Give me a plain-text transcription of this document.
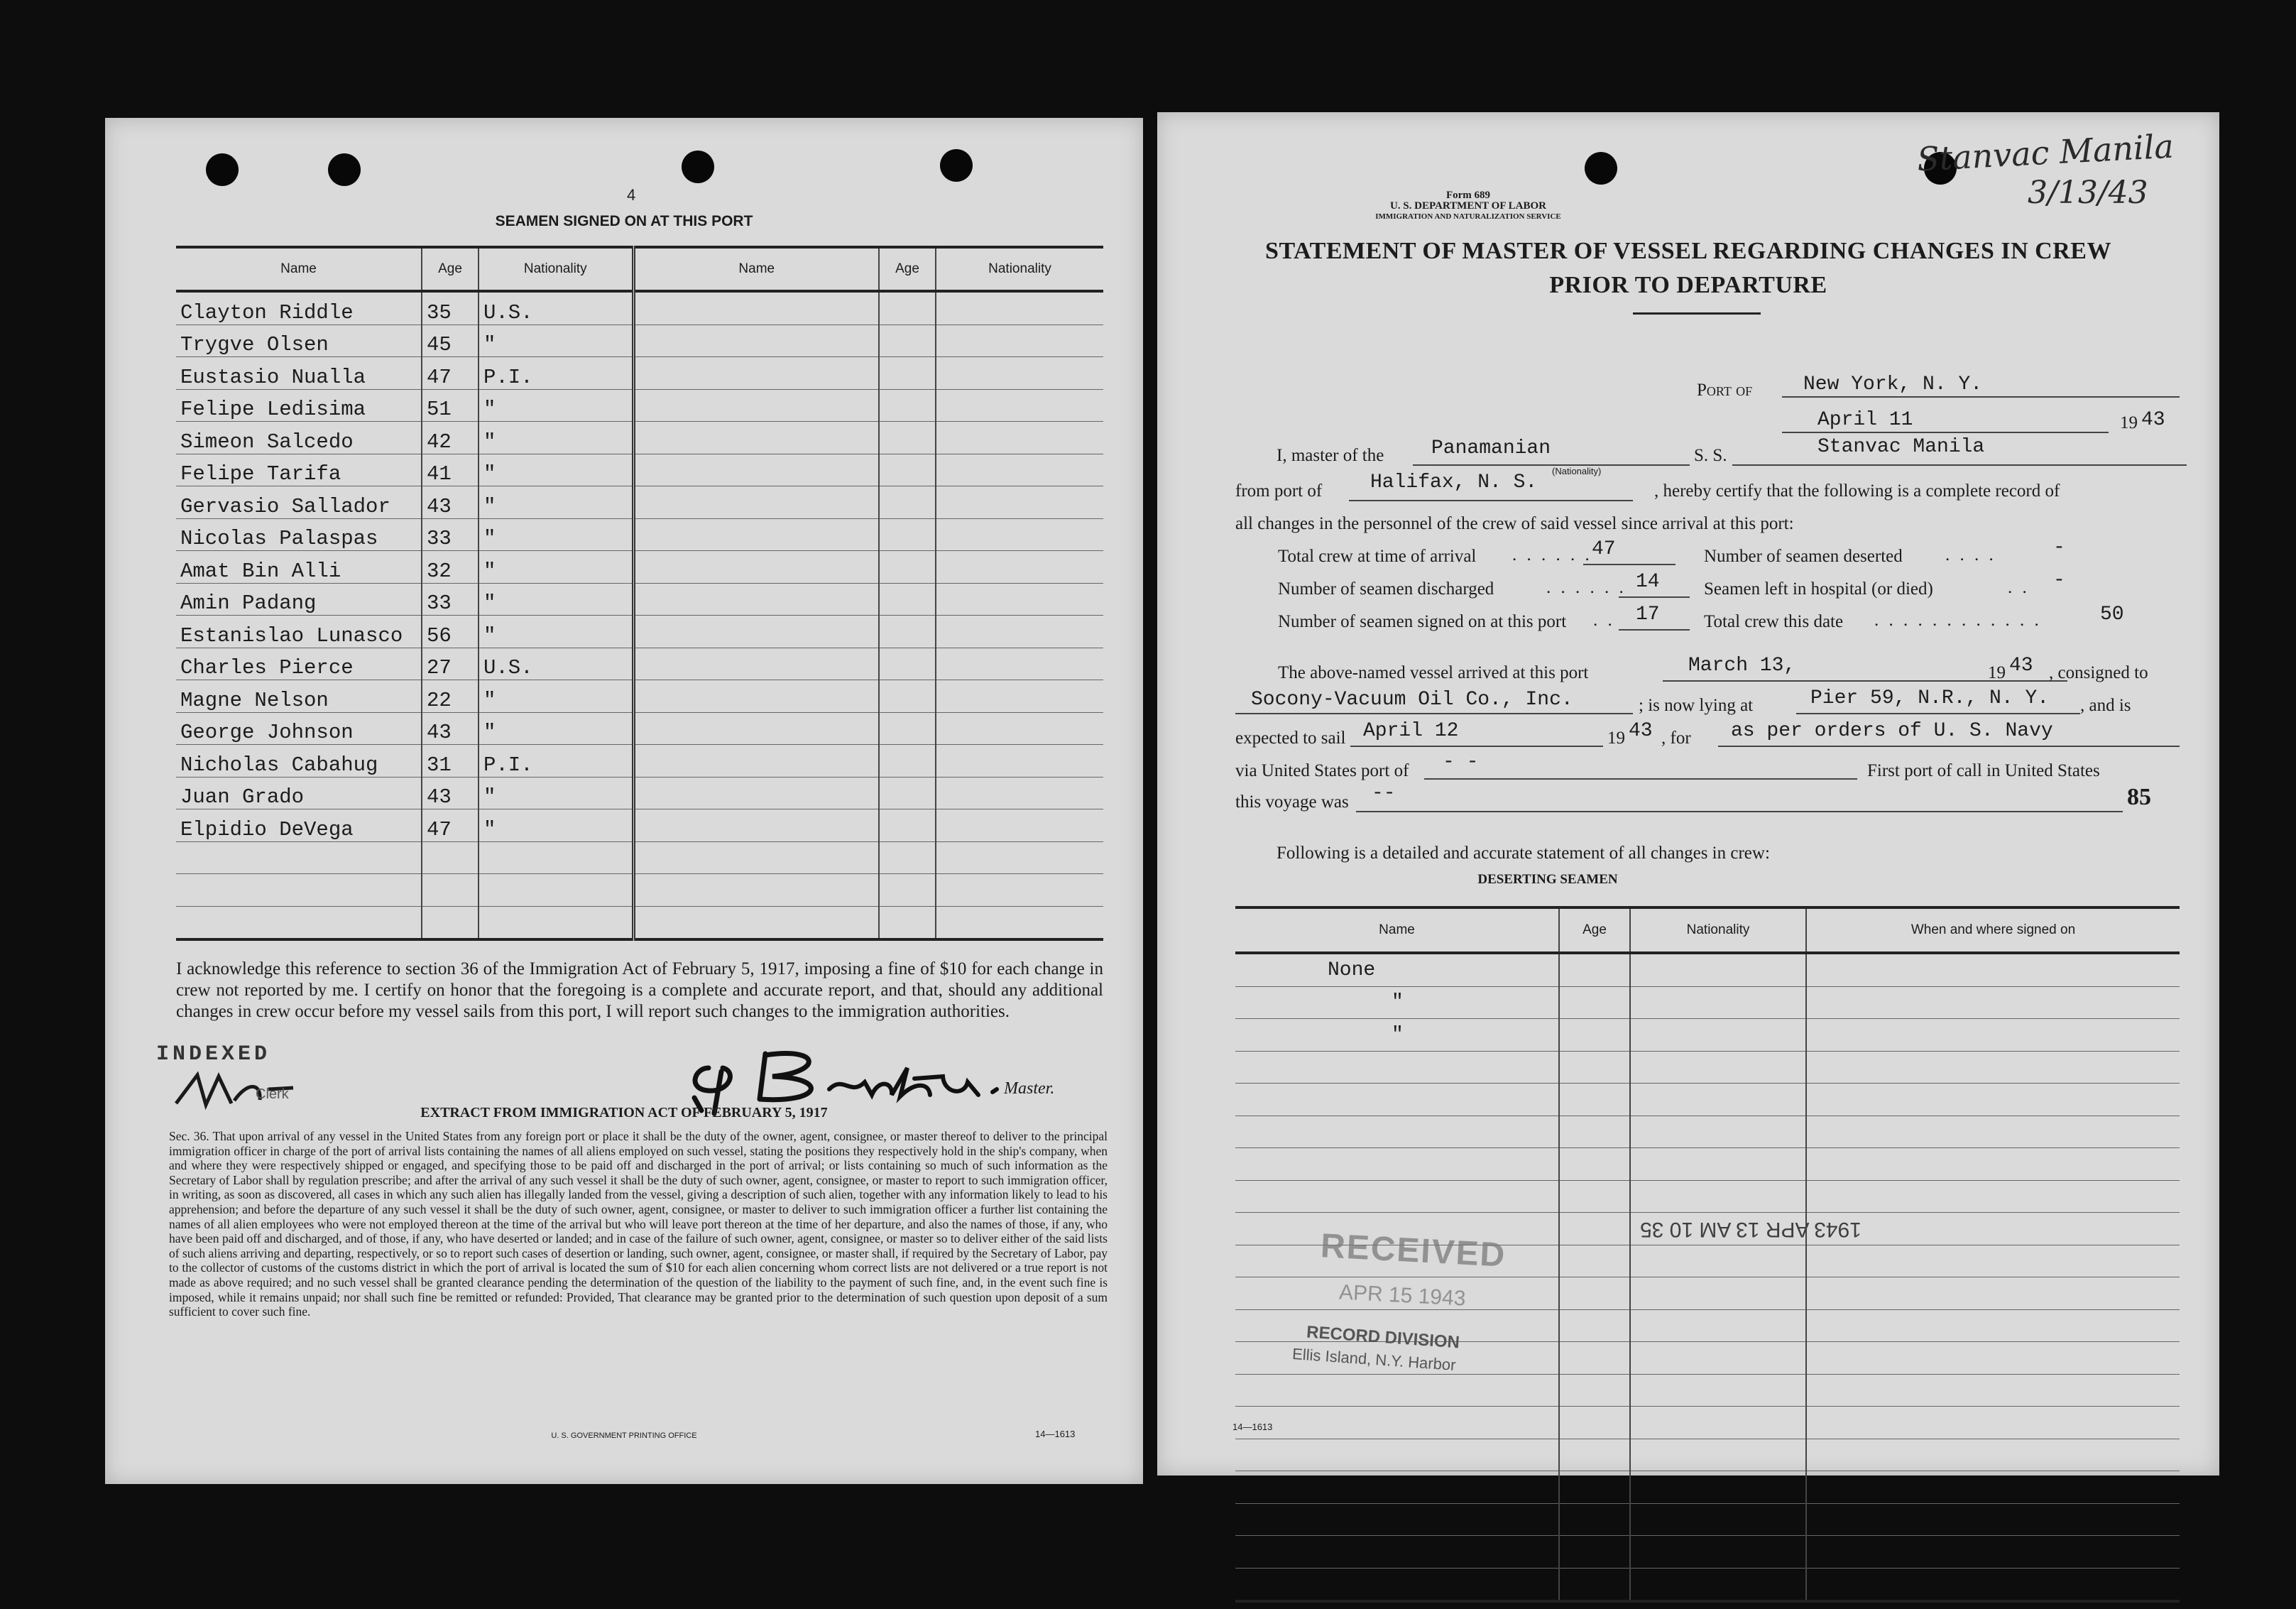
4
SEAMEN SIGNED ON AT THIS PORT
Name	Age	Nationality	Name	Age	Nationality
Clayton Riddle	35	U.S.			
Trygve Olsen	45	"			
Eustasio Nualla	47	P.I.			
Felipe Ledisima	51	"			
Simeon Salcedo	42	"			
Felipe Tarifa	41	"			
Gervasio Sallador	43	"			
Nicolas Palaspas	33	"			
Amat Bin Alli	32	"			
Amin Padang	33	"			
Estanislao Lunasco	56	"			
Charles Pierce	27	U.S.			
Magne Nelson	22	"			
George Johnson	43	"			
Nicholas Cabahug	31	P.I.			
Juan Grado	43	"			
Elpidio DeVega	47	"			

I acknowledge this reference to section 36 of the Immigration Act of February 5, 1917, imposing a fine of $10 for each change in crew not reported by me. I certify on honor that the foregoing is a complete and accurate report, and that, should any additional changes in crew occur before my vessel sails from this port, I will report such changes to the immigration authorities.
INDEXED
Clerk	Master.
EXTRACT FROM IMMIGRATION ACT OF FEBRUARY 5, 1917
Sec. 36. That upon arrival of any vessel in the United States from any foreign port or place it shall be the duty of the owner, agent, consignee, or master thereof to deliver to the principal immigration officer in charge of the port of arrival lists containing the names of all aliens employed on such vessel, stating the positions they respectively hold in the ship's company, when and where they were respectively shipped or engaged, and specifying those to be paid off and discharged in the port of arrival; or lists containing so much of such information as the Secretary of Labor shall by regulation prescribe; and after the arrival of any such vessel it shall be the duty of such owner, agent, consignee, or master to report to such immigration officer, in writing, as soon as discovered, all cases in which any such alien has illegally landed from the vessel, giving a description of such alien, together with any information likely to lead to his apprehension; and before the departure of any such vessel it shall be the duty of such owner, agent, consignee, or master to deliver to such immigration officer a further list containing the names of all alien employees who were not employed thereon at the time of the arrival but who will leave port thereon at the time of her departure, and also the names of those, if any, who have been paid off and discharged, and of those, if any, who have deserted or landed; and in case of the failure of such owner, agent, consignee, or master so to deliver either of the said lists of such aliens arriving and departing, respectively, or so to report such cases of desertion or landing, such owner, agent, consignee, or master shall, if required by the Secretary of Labor, pay to the collector of customs of the customs district in which the port of arrival is located the sum of $10 for each alien concerning whom correct lists are not delivered or a true report is not made as above required; and no such vessel shall be granted clearance pending the determination of the question of the liability to the payment of such fine, and, in the event such fine is imposed, while it remains unpaid; nor shall such fine be remitted or refunded: Provided, That clearance may be granted prior to the determination of such question upon deposit of a sum sufficient to cover such fine.
U. S. GOVERNMENT PRINTING OFFICE	14—1613
Stanvac Manila
3/13/43
Form 689
U. S. DEPARTMENT OF LABOR
IMMIGRATION AND NATURALIZATION SERVICE
STATEMENT OF MASTER OF VESSEL REGARDING CHANGES IN CREW
PRIOR TO DEPARTURE
Port of	New York, N. Y.
April 11	19 43
I, master of the Panamanian	S. S.	Stanvac Manila
from port of Halifax, N. S.
(Nationality)
, hereby certify that the following is a complete record of
all changes in the personnel of the crew of said vessel since arrival at this port:
Total crew at time of arrival . . . . . . 47	Number of seamen deserted . . . .	-
Number of seamen discharged	. . . . . . 14 Seamen left in hospital (or died)	. . -
Number of seamen signed on at this port . . 17 Total crew this date . . . . . . . . . . . .	50
The above-named vessel arrived at this port	March 13,	19 43 , consigned to
Socony-Vacuum Oil Co., Inc.	; is now lying at	Pier 59, N.R., N. Y. , and is
expected to sail April 12	19 43 , for as per orders of U. S. Navy
via United States port of - -	First port of call in United States
this voyage was --	85
Following is a detailed and accurate statement of all changes in crew:
DESERTING SEAMEN
Name	Age	Nationality	When and where signed on
None			
"			
"			

RECEIVED
APR 15 1943
RECORD DIVISION
Ellis Island, N.Y. Harbor
1943 APR 13 AM 10 35
14—1613
